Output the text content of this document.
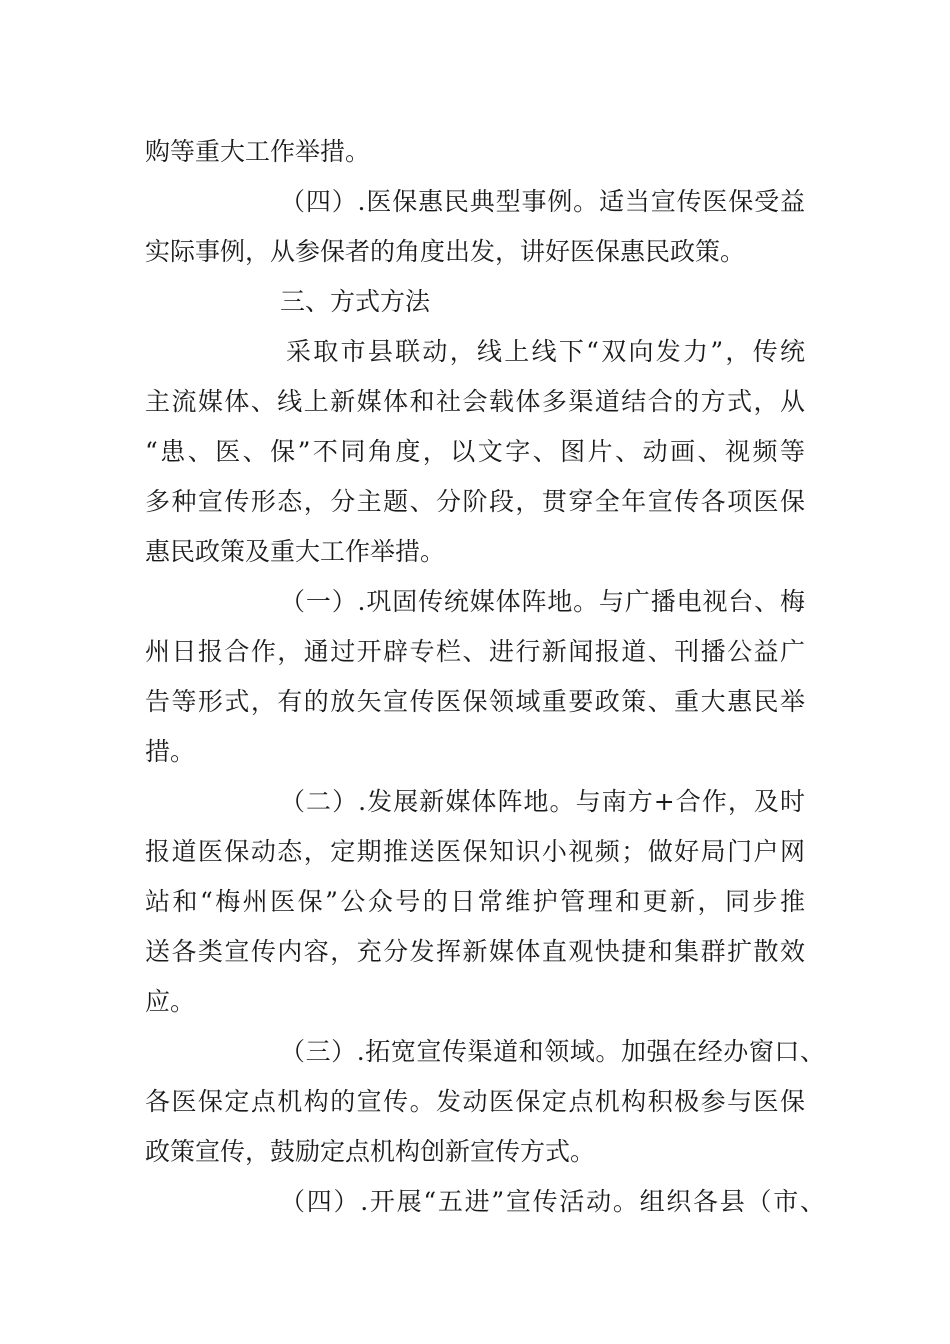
购等重大工作举措。
（四）.医保惠民典型事例。适当宣传医保受益
实际事例，从参保者的角度出发，讲好医保惠民政策。
三、方式方法
采取市县联动，线上线下“双向发力”，传统
主流媒体、线上新媒体和社会载体多渠道结合的方式，从
“患、医、保”不同角度，以文字、图片、动画、视频等
多种宣传形态，分主题、分阶段，贯穿全年宣传各项医保
惠民政策及重大工作举措。
（一）.巩固传统媒体阵地。与广播电视台、梅
州日报合作，通过开辟专栏、进行新闻报道、刊播公益广
告等形式，有的放矢宣传医保领域重要政策、重大惠民举
措。
（二）.发展新媒体阵地。与南方+合作，及时
报道医保动态，定期推送医保知识小视频；做好局门户网
站和“梅州医保”公众号的日常维护管理和更新，同步推
送各类宣传内容，充分发挥新媒体直观快捷和集群扩散效
应。
（三）.拓宽宣传渠道和领域。加强在经办窗口、
各医保定点机构的宣传。发动医保定点机构积极参与医保
政策宣传，鼓励定点机构创新宣传方式。
（四）.开展“五进”宣传活动。组织各县（市、
